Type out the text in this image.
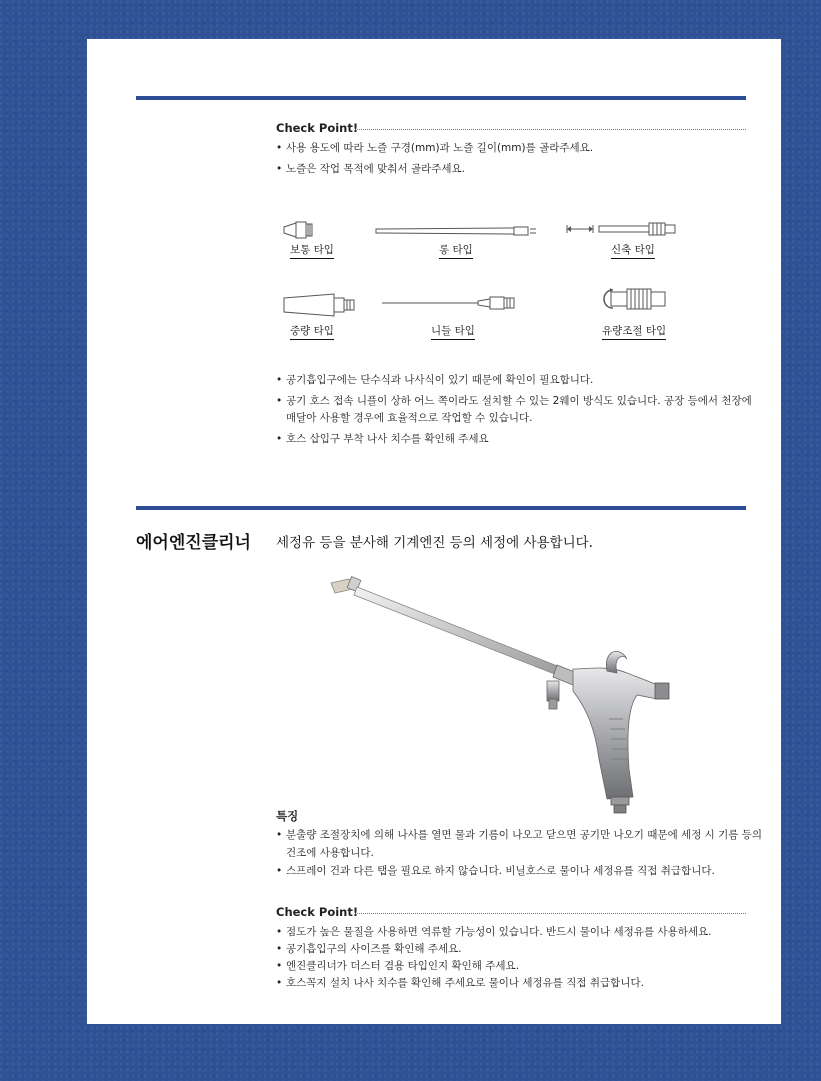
Check Point!
• 사용 용도에 따라 노즐 구경(mm)과 노즐 길이(mm)를 골라주세요.
• 노즐은 작업 목적에 맞춰서 골라주세요.
보통 타입	롱 타입	신축 타입
중량 타입	니들 타입	유량조절 타입
• 공기흡입구에는 단수식과 나사식이 있기 때문에 확인이 필요합니다.
• 공기 호스 접속 니플이 상하 어느 쪽이라도 설치할 수 있는 2웨이 방식도 있습니다. 공장 등에서 천장에
매달아 사용할 경우에 효율적으로 작업할 수 있습니다.
• 호스 삽입구 부착 나사 치수를 확인해 주세요
에어엔진클리너 세정유 등을 분사해 기계엔진 등의 세정에 사용합니다.
특징
• 분출량 조절장치에 의해 나사를 열면 물과 기름이 나오고 닫으면 공기만 나오기 때문에 세정 시 기름 등의
건조에 사용합니다.
• 스프레이 건과 다른 탭을 필요로 하지 않습니다. 비닐호스로 물이나 세정유를 직접 취급합니다.
Check Point!
• 점도가 높은 물질을 사용하면 역류할 가능성이 있습니다. 반드시 물이나 세정유를 사용하세요.
• 공기흡입구의 사이즈를 확인해 주세요.
• 엔진클리너가 더스터 겸용 타입인지 확인해 주세요.
• 호스꼭지 설치 나사 치수를 확인해 주세요로 물이나 세정유를 직접 취급합니다.
